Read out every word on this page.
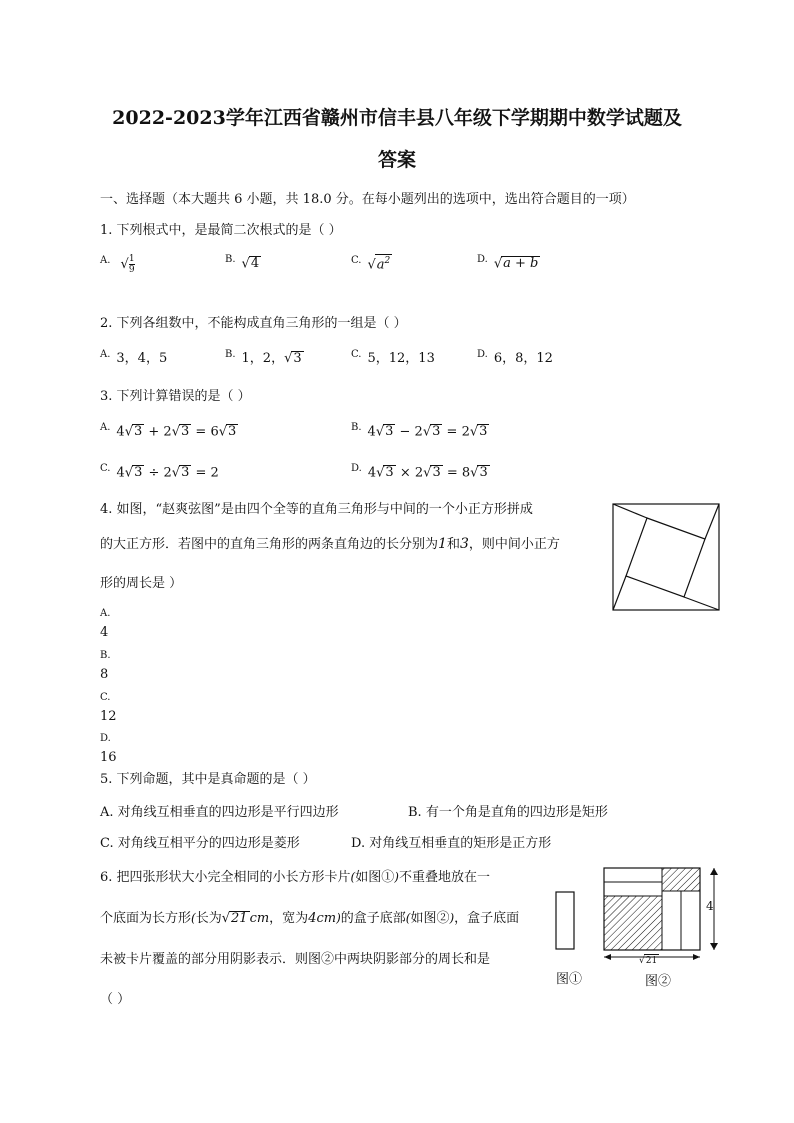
2022-2023学年江西省赣州市信丰县八年级下学期期中数学试题及
答案
一、选择题（本大题共 6 小题，共 18.0 分。在每小题列出的选项中，选出符合题目的一项）
1. 下列根式中，是最简二次根式的是（ ）
$^{A.}$ √ $\frac{1}{9}$	$^{B.}$ √4	$^{C.}$ $√a^2$	$^{D.}$ √a + b
2. 下列各组数中，不能构成直角三角形的一组是（ ）
$^{A.}$ 3，4，5	$^{B.}$ 1，2，√3	$^{C.}$ 5，12，13	$^{D.}$ 6，8，12
3. 下列计算错误的是（ ）
$^{A.}$ 4√3 + 2√3 = 6√3	$^{B.}$ 4√3 − 2√3 = 2√3
$^{C.}$ 4√3 ÷ 2√3 = 2	$^{D.}$ 4√3 × 2√3 = 8√3
4. 如图，“赵爽弦图”是由四个全等的直角三角形与中间的一个小正方形拼成
的大正方形．若图中的直角三角形的两条直角边的长分别为1和3，则中间小正方
形的周长是 ）
$^{A.}$
4
$^{B.}$
8
$^{C.}$
12
$^{D.}$
16
5. 下列命题，其中是真命题的是（ ）
A. 对角线互相垂直的四边形是平行四边形	B. 有一个角是直角的四边形是矩形
C. 对角线互相平分的四边形是菱形	D. 对角线互相垂直的矩形是正方形
6. 把四张形状大小完全相同的小长方形卡片(如图①)不重叠地放在一
个底面为长方形(长为√21 cm，宽为4cm)的盒子底部(如图②)，盒子底面
未被卡片覆盖的部分用阴影表示．则图②中两块阴影部分的周长和是
（ ）
4
√21
图①	图②
